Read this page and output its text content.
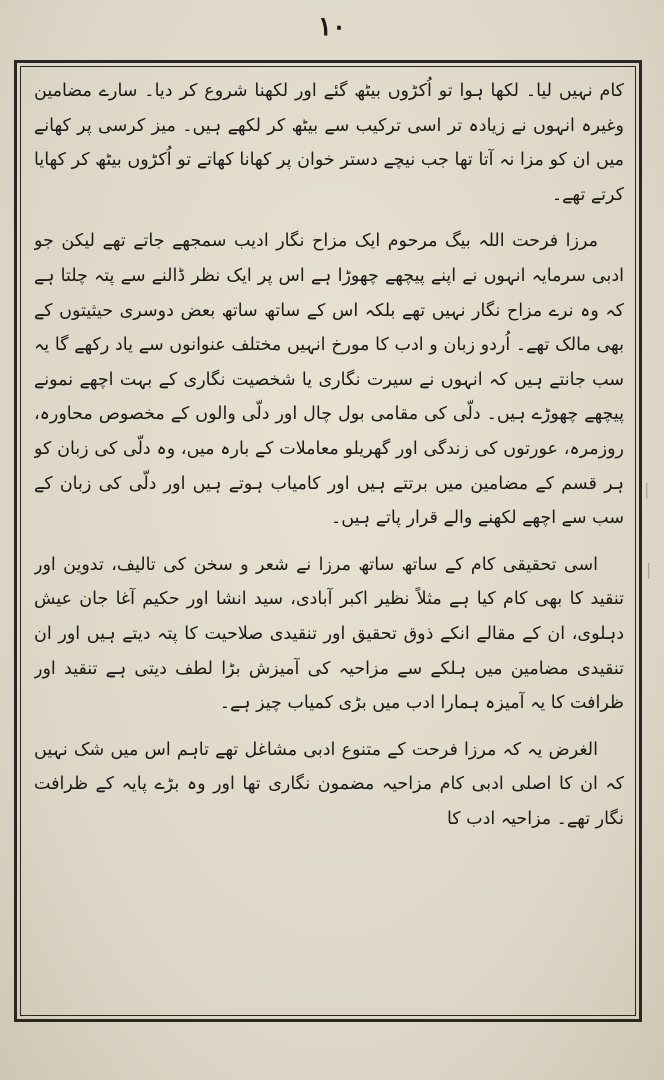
۱۰
|
|

کام نہیں لیا۔ لکھا ہوا تو اُکڑوں بیٹھ گئے اور لکھنا شروع کر دیا۔ سارے مضامین وغیرہ انہوں نے زیادہ تر اسی ترکیب سے بیٹھ کر لکھے ہیں۔ میز کرسی پر کھانے میں ان کو مزا نہ آتا تھا جب نیچے دستر خوان پر کھانا کھاتے تو اُکڑوں بیٹھ کر کھایا کرتے تھے۔

مرزا فرحت اللہ بیگ مرحوم ایک مزاح نگار ادیب سمجھے جاتے تھے لیکن جو ادبی سرمایہ انہوں نے اپنے پیچھے چھوڑا ہے اس پر ایک نظر ڈالنے سے پتہ چلتا ہے کہ وہ نرے مزاح نگار نہیں تھے بلکہ اس کے ساتھ ساتھ بعض دوسری حیثیتوں کے بھی مالک تھے۔ اُردو زبان و ادب کا مورخ انہیں مختلف عنوانوں سے یاد رکھے گا یہ سب جانتے ہیں کہ انہوں نے سیرت نگاری یا شخصیت نگاری کے بہت اچھے نمونے پیچھے چھوڑے ہیں۔ دلّی کی مقامی بول چال اور دلّی والوں کے مخصوص محاورہ، روزمرہ، عورتوں کی زندگی اور گھریلو معاملات کے بارہ میں، وہ دلّی کی زبان کو ہر قسم کے مضامین میں برتتے ہیں اور کامیاب ہوتے ہیں اور دلّی کی زبان کے سب سے اچھے لکھنے والے قرار پاتے ہیں۔

اسی تحقیقی کام کے ساتھ ساتھ مرزا نے شعر و سخن کی تالیف، تدوین اور تنقید کا بھی کام کیا ہے مثلاً نظیر اکبر آبادی، سید انشا اور حکیم آغا جان عیش دہلوی، ان کے مقالے انکے ذوق تحقیق اور تنقیدی صلاحیت کا پتہ دیتے ہیں اور ان تنقیدی مضامین میں ہلکے سے مزاحیہ کی آمیزش بڑا لطف دیتی ہے تنقید اور ظرافت کا یہ آمیزہ ہمارا ادب میں بڑی کمیاب چیز ہے۔

الغرض یہ کہ مرزا فرحت کے متنوع ادبی مشاغل تھے تاہم اس میں شک نہیں کہ ان کا اصلی ادبی کام مزاحیہ مضمون نگاری تھا اور وہ بڑے پایہ کے ظرافت نگار تھے۔ مزاحیہ ادب کا
